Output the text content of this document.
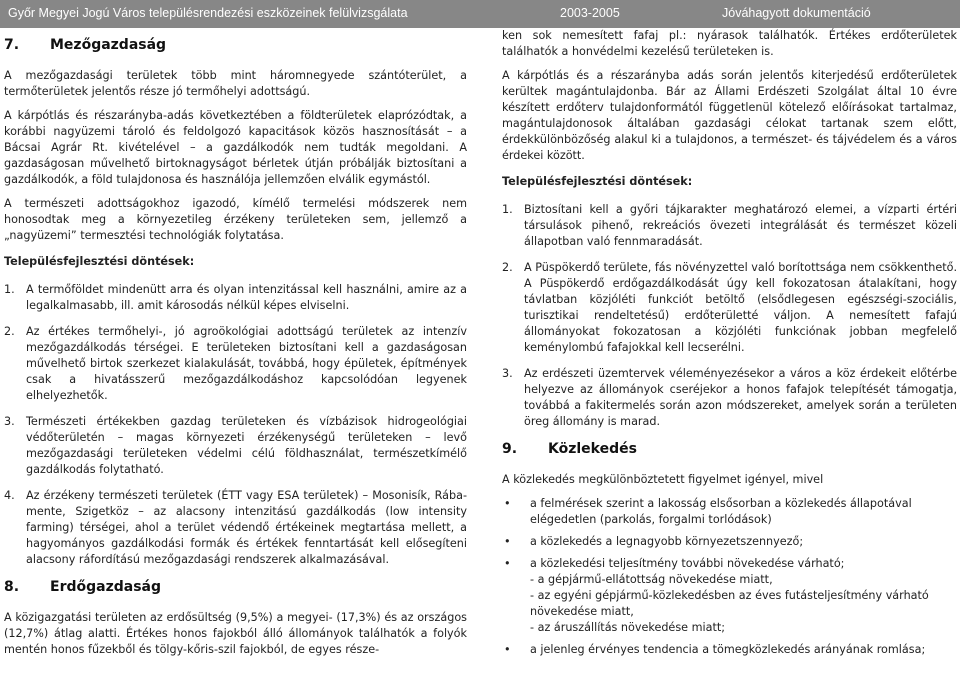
Győr Megyei Jogú Város településrendezési eszközeinek felülvizsgálata	2003-2005	Jóváhagyott dokumentáció
7. Mezőgazdaság

A mezőgazdasági területek több mint háromnegyede szántóterület, a termőterületek jelentős része jó termőhelyi adottságú.

A kárpótlás és részarányba-adás következtében a földterületek elaprózódtak, a korábbi nagyüzemi tároló és feldolgozó kapacitások közös hasznosítását – a Bácsai Agrár Rt. kivételével – a gazdálkodók nem tudták megoldani. A gazdaságosan művelhető birtoknagyságot bérletek útján próbálják biztosítani a gazdálkodók, a föld tulajdonosa és használója jellemzően elválik egymástól.

A természeti adottságokhoz igazodó, kímélő termelési módszerek nem honosodtak meg a környezetileg érzékeny területeken sem, jellemző a „nagyüzemi” termesztési technológiák folytatása.

Településfejlesztési döntések:
1. A termőföldet mindenütt arra és olyan intenzitással kell használni, amire az a legalkalmasabb, ill. amit károsodás nélkül képes elviselni.
2. Az értékes termőhelyi-, jó agroökológiai adottságú területek az intenzív mezőgazdálkodás térségei. E területeken biztosítani kell a gazdaságosan művelhető birtok szerkezet kialakulását, továbbá, hogy épületek, építmények csak a hivatásszerű mezőgazdálkodáshoz kapcsolódóan legyenek elhelyezhetők.
3. Természeti értékekben gazdag területeken és vízbázisok hidrogeológiai védőterületén – magas környezeti érzékenységű területeken – levő mezőgazdasági területeken védelmi célú földhasználat, természetkímélő gazdálkodás folytatható.
4. Az érzékeny természeti területek (ÉTT vagy ESA területek) – Mosonisík, Rába-mente, Szigetköz – az alacsony intenzitású gazdálkodás (low intensity farming) térségei, ahol a terület védendő értékeinek megtartása mellett, a hagyományos gazdálkodási formák és értékek fenntartását kell elősegíteni alacsony ráfordítású mezőgazdasági rendszerek alkalmazásával.
8. Erdőgazdaság

A közigazgatási területen az erdősültség (9,5%) a megyei- (17,3%) és az országos (12,7%) átlag alatti. Értékes honos fajokból álló állományok találhatók a folyók mentén honos fűzekből és tölgy-kőris-szil fajokból, de egyes része-

ken sok nemesített fafaj pl.: nyárasok találhatók. Értékes erdőterületek találhatók a honvédelmi kezelésű területeken is.

A kárpótlás és a részarányba adás során jelentős kiterjedésű erdőterületek kerültek magántulajdonba. Bár az Állami Erdészeti Szolgálat által 10 évre készített erdőterv tulajdonformától függetlenül kötelező előírásokat tartalmaz, magántulajdonosok általában gazdasági célokat tartanak szem előtt, érdekkülönbözőség alakul ki a tulajdonos, a természet- és tájvédelem és a város érdekei között.

Településfejlesztési döntések:
1. Biztosítani kell a győri tájkarakter meghatározó elemei, a vízparti értéri társulások pihenő, rekreációs övezeti integrálását és természet közeli állapotban való fennmaradását.
2. A Püspökerdő területe, fás növényzettel való borítottsága nem csökkenthető. A Püspökerdő erdőgazdálkodását úgy kell fokozatosan átalakítani, hogy távlatban közjóléti funkciót betöltő (elsődlegesen egészségi-szociális, turisztikai rendeltetésű) erdőterületté váljon. A nemesített fafajú állományokat fokozatosan a közjóléti funkciónak jobban megfelelő keménylombú fafajokkal kell lecserélni.
3. Az erdészeti üzemtervek véleményezésekor a város a köz érdekeit előtérbe helyezve az állományok cseréjekor a honos fafajok telepítését támogatja, továbbá a fakitermelés során azon módszereket, amelyek során a területen öreg állomány is marad.
9. Közlekedés

A közlekedés megkülönböztetett figyelmet igényel, mivel

• a felmérések szerint a lakosság elsősorban a közlekedés állapotával elégedetlen (parkolás, forgalmi torlódások)
• a közlekedés a legnagyobb környezetszennyező;
• a közlekedési teljesítmény további növekedése várható;
- a gépjármű-ellátottság növekedése miatt,
- az egyéni gépjármű-közlekedésben az éves futásteljesítmény várható növekedése miatt,
- az áruszállítás növekedése miatt;
• a jelenleg érvényes tendencia a tömegközlekedés arányának romlása;
